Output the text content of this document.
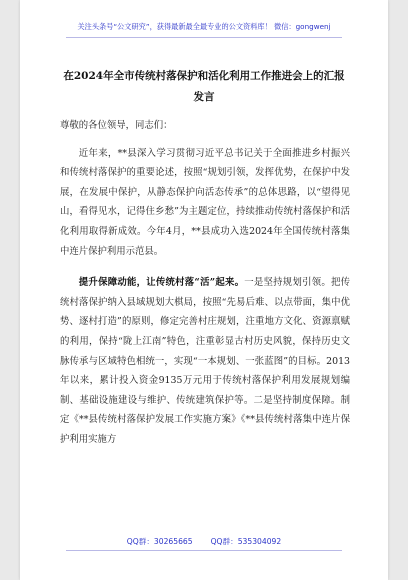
关注头条号“公文研究”，获得最新最全最专业的公文资料库！ 微信：gongwenj
在2024年全市传统村落保护和活化利用工作推进会上的汇报发言

尊敬的各位领导，同志们：

近年来，**县深入学习贯彻习近平总书记关于全面推进乡村振兴和传统村落保护的重要论述，按照“规划引领，发挥优势，在保护中发展，在发展中保护，从静态保护向活态传承”的总体思路，以“望得见山，看得见水，记得住乡愁”为主题定位，持续推动传统村落保护和活化利用取得新成效。今年4月，**县成功入选2024年全国传统村落集中连片保护利用示范县。

提升保障动能，让传统村落“活”起来。一是坚持规划引领。把传统村落保护纳入县域规划大棋局，按照“先易后难、以点带面，集中优势、逐村打造”的原则，修定完善村庄规划，注重地方文化、资源禀赋的利用，保持“陇上江南”特色，注重彰显古村历史风貌，保持历史文脉传承与区域特色相统一，实现“一本规划、一张蓝图”的目标。2013年以来，累计投入资金9135万元用于传统村落保护利用发展规划编制、基础设施建设与维护、传统建筑保护等。二是坚持制度保障。制定《**县传统村落保护发展工作实施方案》《**县传统村落集中连片保护利用实施方

QQ群：30265665 QQ群：535304092
